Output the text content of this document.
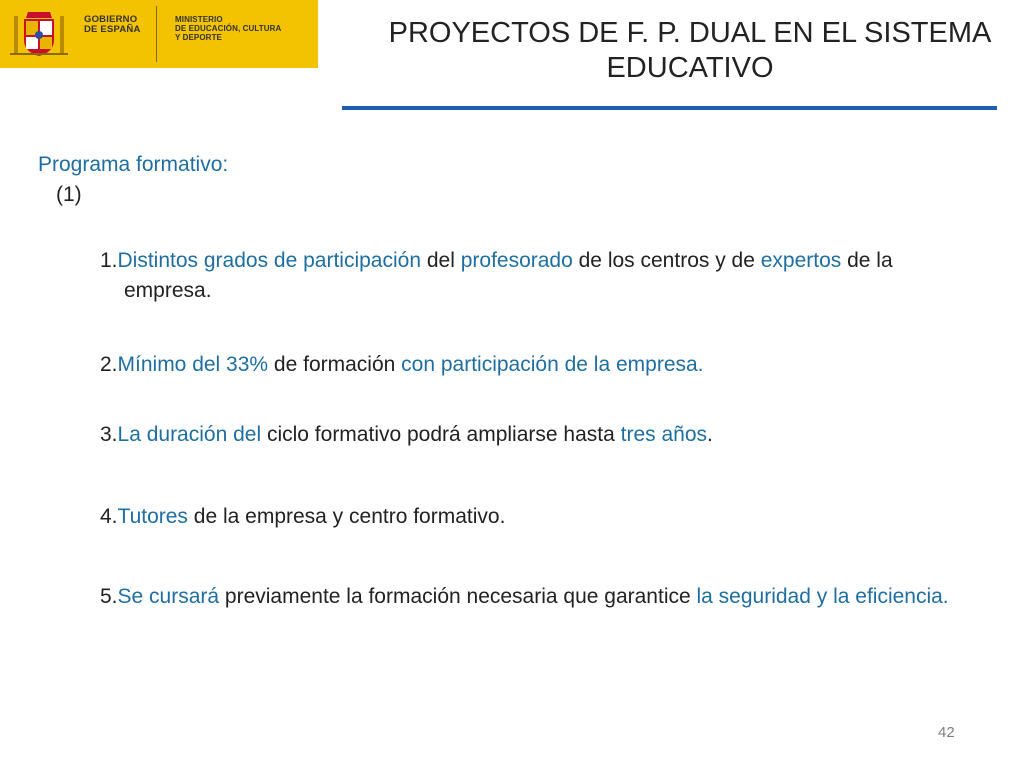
GOBIERNO
DE ESPAÑA
MINISTERIO
DE EDUCACIÓN, CULTURA
Y DEPORTE	PROYECTOS DE F. P. DUAL EN EL SISTEMA EDUCATIVO
Programa formativo:
(1)
1.Distintos grados de participación del profesorado de los centros y de expertos de la empresa.
2.Mínimo del 33% de formación con participación de la empresa.
3.La duración del ciclo formativo podrá ampliarse hasta tres años.
4.Tutores de la empresa y centro formativo.
5.Se cursará previamente la formación necesaria que garantice la seguridad y la eficiencia.
42
